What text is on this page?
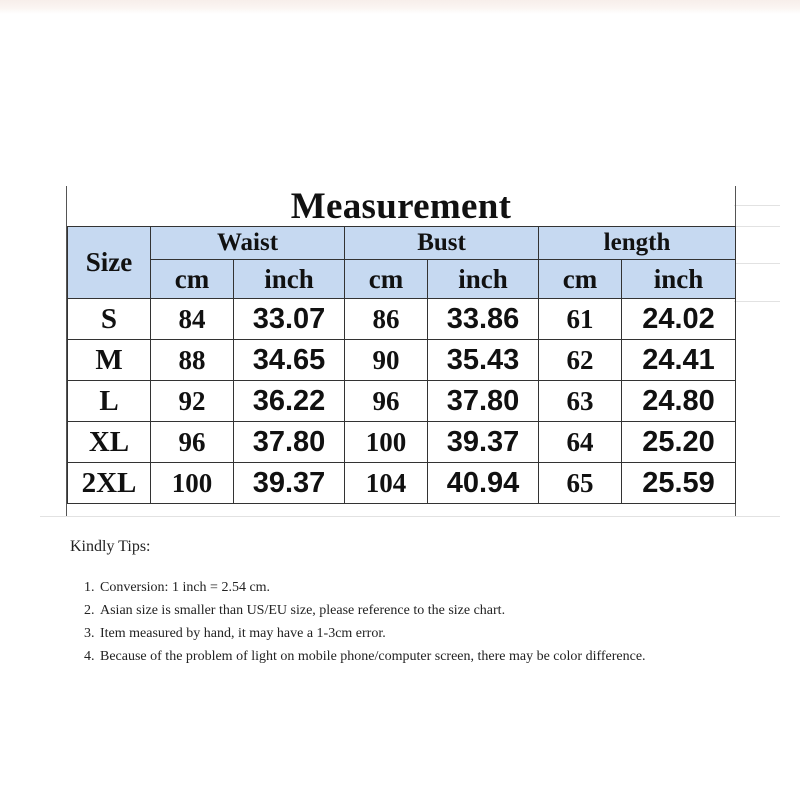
Measurement
Size	Waist		Bust		length	
	cm	inch	cm	inch	cm	inch
S	84	33.07	86	33.86	61	24.02
M	88	34.65	90	35.43	62	24.41
L	92	36.22	96	37.80	63	24.80
XL	96	37.80	100	39.37	64	25.20
2XL	100	39.37	104	40.94	65	25.59
Kindly Tips:
1. Conversion: 1 inch = 2.54 cm.
2. Asian size is smaller than US/EU size, please reference to the size chart.
3. Item measured by hand, it may have a 1-3cm error.
4. Because of the problem of light on mobile phone/computer screen, there may be color difference.
